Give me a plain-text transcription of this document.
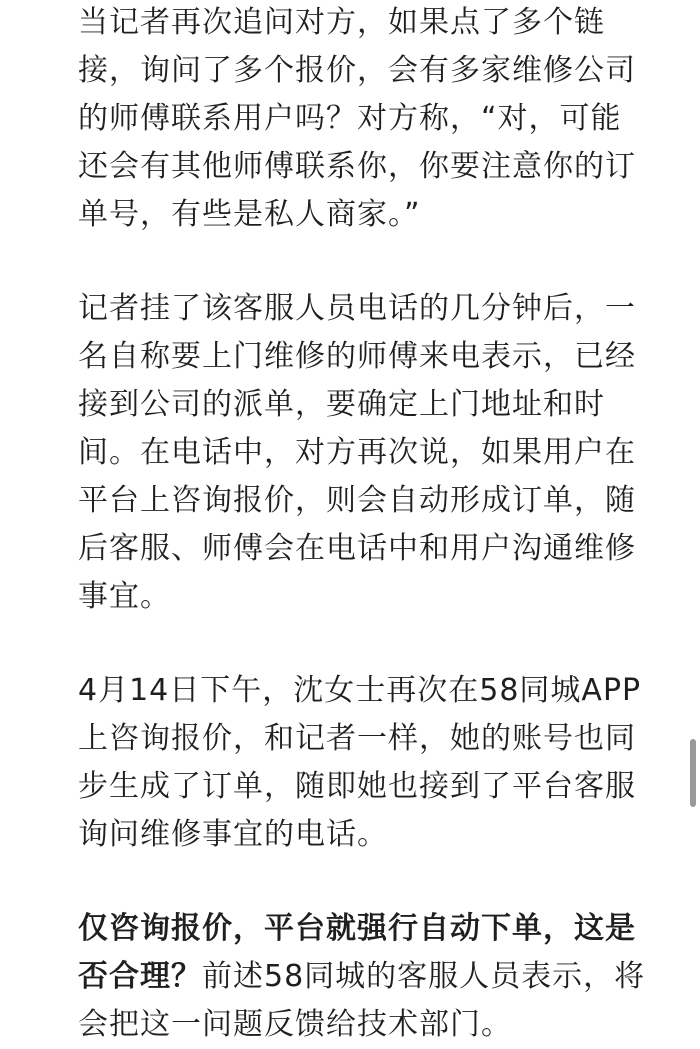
当记者再次追问对方，如果点了多个链
接，询问了多个报价，会有多家维修公司
的师傅联系用户吗？对方称，“对，可能
还会有其他师傅联系你，你要注意你的订
单号，有些是私人商家。”

记者挂了该客服人员电话的几分钟后，一
名自称要上门维修的师傅来电表示，已经
接到公司的派单，要确定上门地址和时
间。在电话中，对方再次说，如果用户在
平台上咨询报价，则会自动形成订单，随
后客服、师傅会在电话中和用户沟通维修
事宜。

4月14日下午，沈女士再次在58同城APP
上咨询报价，和记者一样，她的账号也同
步生成了订单，随即她也接到了平台客服
询问维修事宜的电话。

仅咨询报价，平台就强行自动下单，这是
否合理？前述58同城的客服人员表示，将
会把这一问题反馈给技术部门。
